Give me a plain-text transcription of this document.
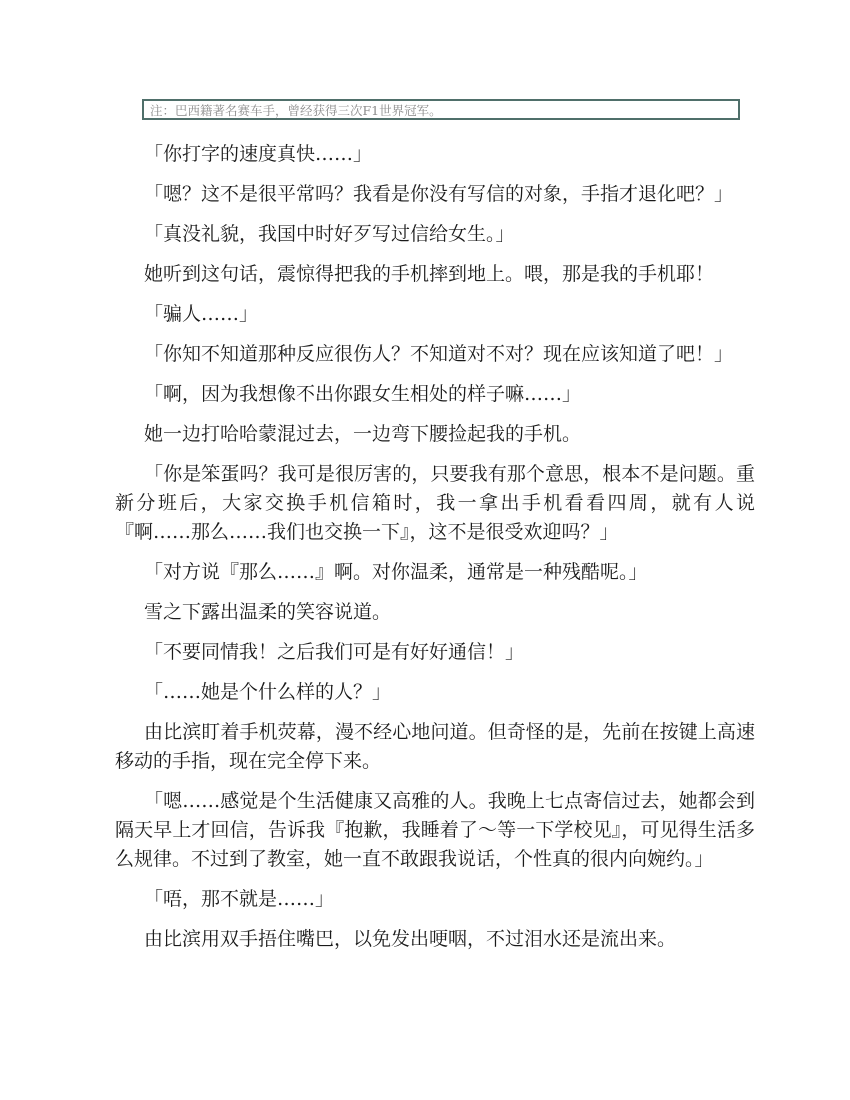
注：巴西籍著名赛车手，曾经获得三次F1世界冠军。

「你打字的速度真快……」

「嗯？这不是很平常吗？我看是你没有写信的对象，手指才退化吧？」

「真没礼貌，我国中时好歹写过信给女生。」

她听到这句话，震惊得把我的手机摔到地上。喂，那是我的手机耶！

「骗人……」

「你知不知道那种反应很伤人？不知道对不对？现在应该知道了吧！」

「啊，因为我想像不出你跟女生相处的样子嘛……」

她一边打哈哈蒙混过去，一边弯下腰捡起我的手机。

「你是笨蛋吗？我可是很厉害的，只要我有那个意思，根本不是问题。重新分班后，大家交换手机信箱时，我一拿出手机看看四周，就有人说『啊……那么……我们也交换一下』，这不是很受欢迎吗？」

「对方说『那么……』啊。对你温柔，通常是一种残酷呢。」

雪之下露出温柔的笑容说道。

「不要同情我！之后我们可是有好好通信！」

「……她是个什么样的人？」

由比滨盯着手机荧幕，漫不经心地问道。但奇怪的是，先前在按键上高速移动的手指，现在完全停下来。

「嗯……感觉是个生活健康又高雅的人。我晚上七点寄信过去，她都会到隔天早上才回信，告诉我『抱歉，我睡着了～等一下学校见』，可见得生活多么规律。不过到了教室，她一直不敢跟我说话，个性真的很内向婉约。」

「唔，那不就是……」

由比滨用双手捂住嘴巴，以免发出哽咽，不过泪水还是流出来。
